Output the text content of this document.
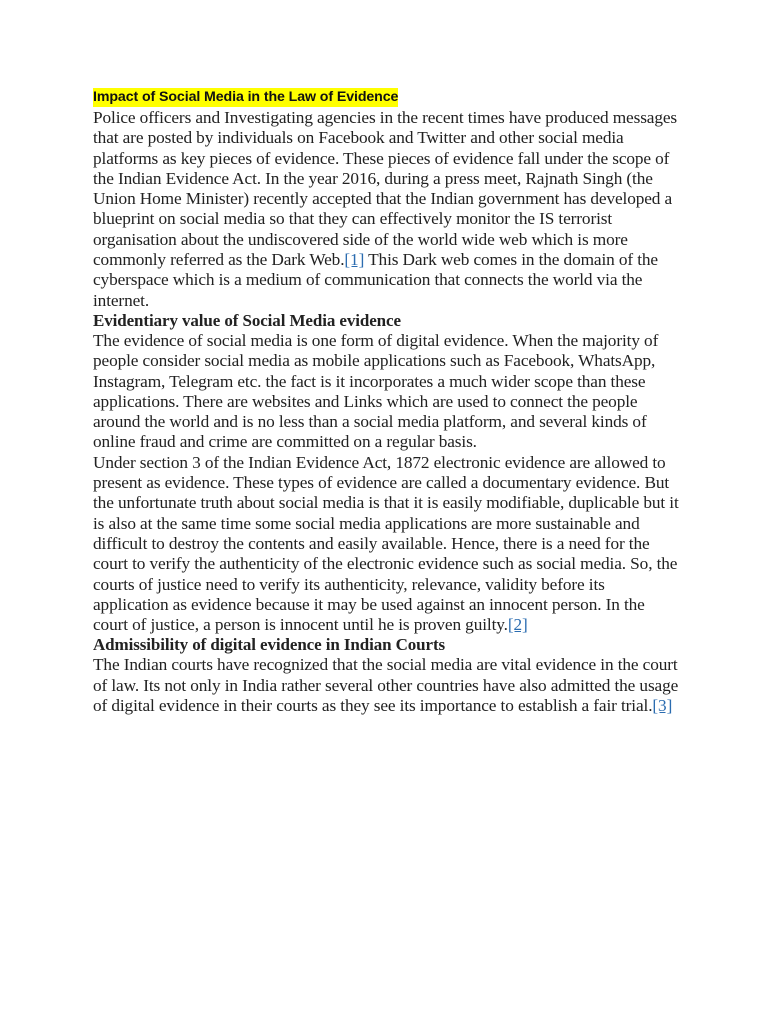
Impact of Social Media in the Law of Evidence

Police officers and Investigating agencies in the recent times have produced messages that are posted by individuals on Facebook and Twitter and other social media platforms as key pieces of evidence. These pieces of evidence fall under the scope of the Indian Evidence Act. In the year 2016, during a press meet, Rajnath Singh (the Union Home Minister) recently accepted that the Indian government has developed a blueprint on social media so that they can effectively monitor the IS terrorist organisation about the undiscovered side of the world wide web which is more commonly referred as the Dark Web.[1] This Dark web comes in the domain of the cyberspace which is a medium of communication that connects the world via the internet.

Evidentiary value of Social Media evidence

The evidence of social media is one form of digital evidence. When the majority of people consider social media as mobile applications such as Facebook, WhatsApp, Instagram, Telegram etc. the fact is it incorporates a much wider scope than these applications. There are websites and Links which are used to connect the people around the world and is no less than a social media platform, and several kinds of online fraud and crime are committed on a regular basis.

Under section 3 of the Indian Evidence Act, 1872 electronic evidence are allowed to present as evidence. These types of evidence are called a documentary evidence. But the unfortunate truth about social media is that it is easily modifiable, duplicable but it is also at the same time some social media applications are more sustainable and difficult to destroy the contents and easily available. Hence, there is a need for the court to verify the authenticity of the electronic evidence such as social media. So, the courts of justice need to verify its authenticity, relevance, validity before its application as evidence because it may be used against an innocent person. In the court of justice, a person is innocent until he is proven guilty.[2]

Admissibility of digital evidence in Indian Courts

The Indian courts have recognized that the social media are vital evidence in the court of law. Its not only in India rather several other countries have also admitted the usage of digital evidence in their courts as they see its importance to establish a fair trial.[3]
